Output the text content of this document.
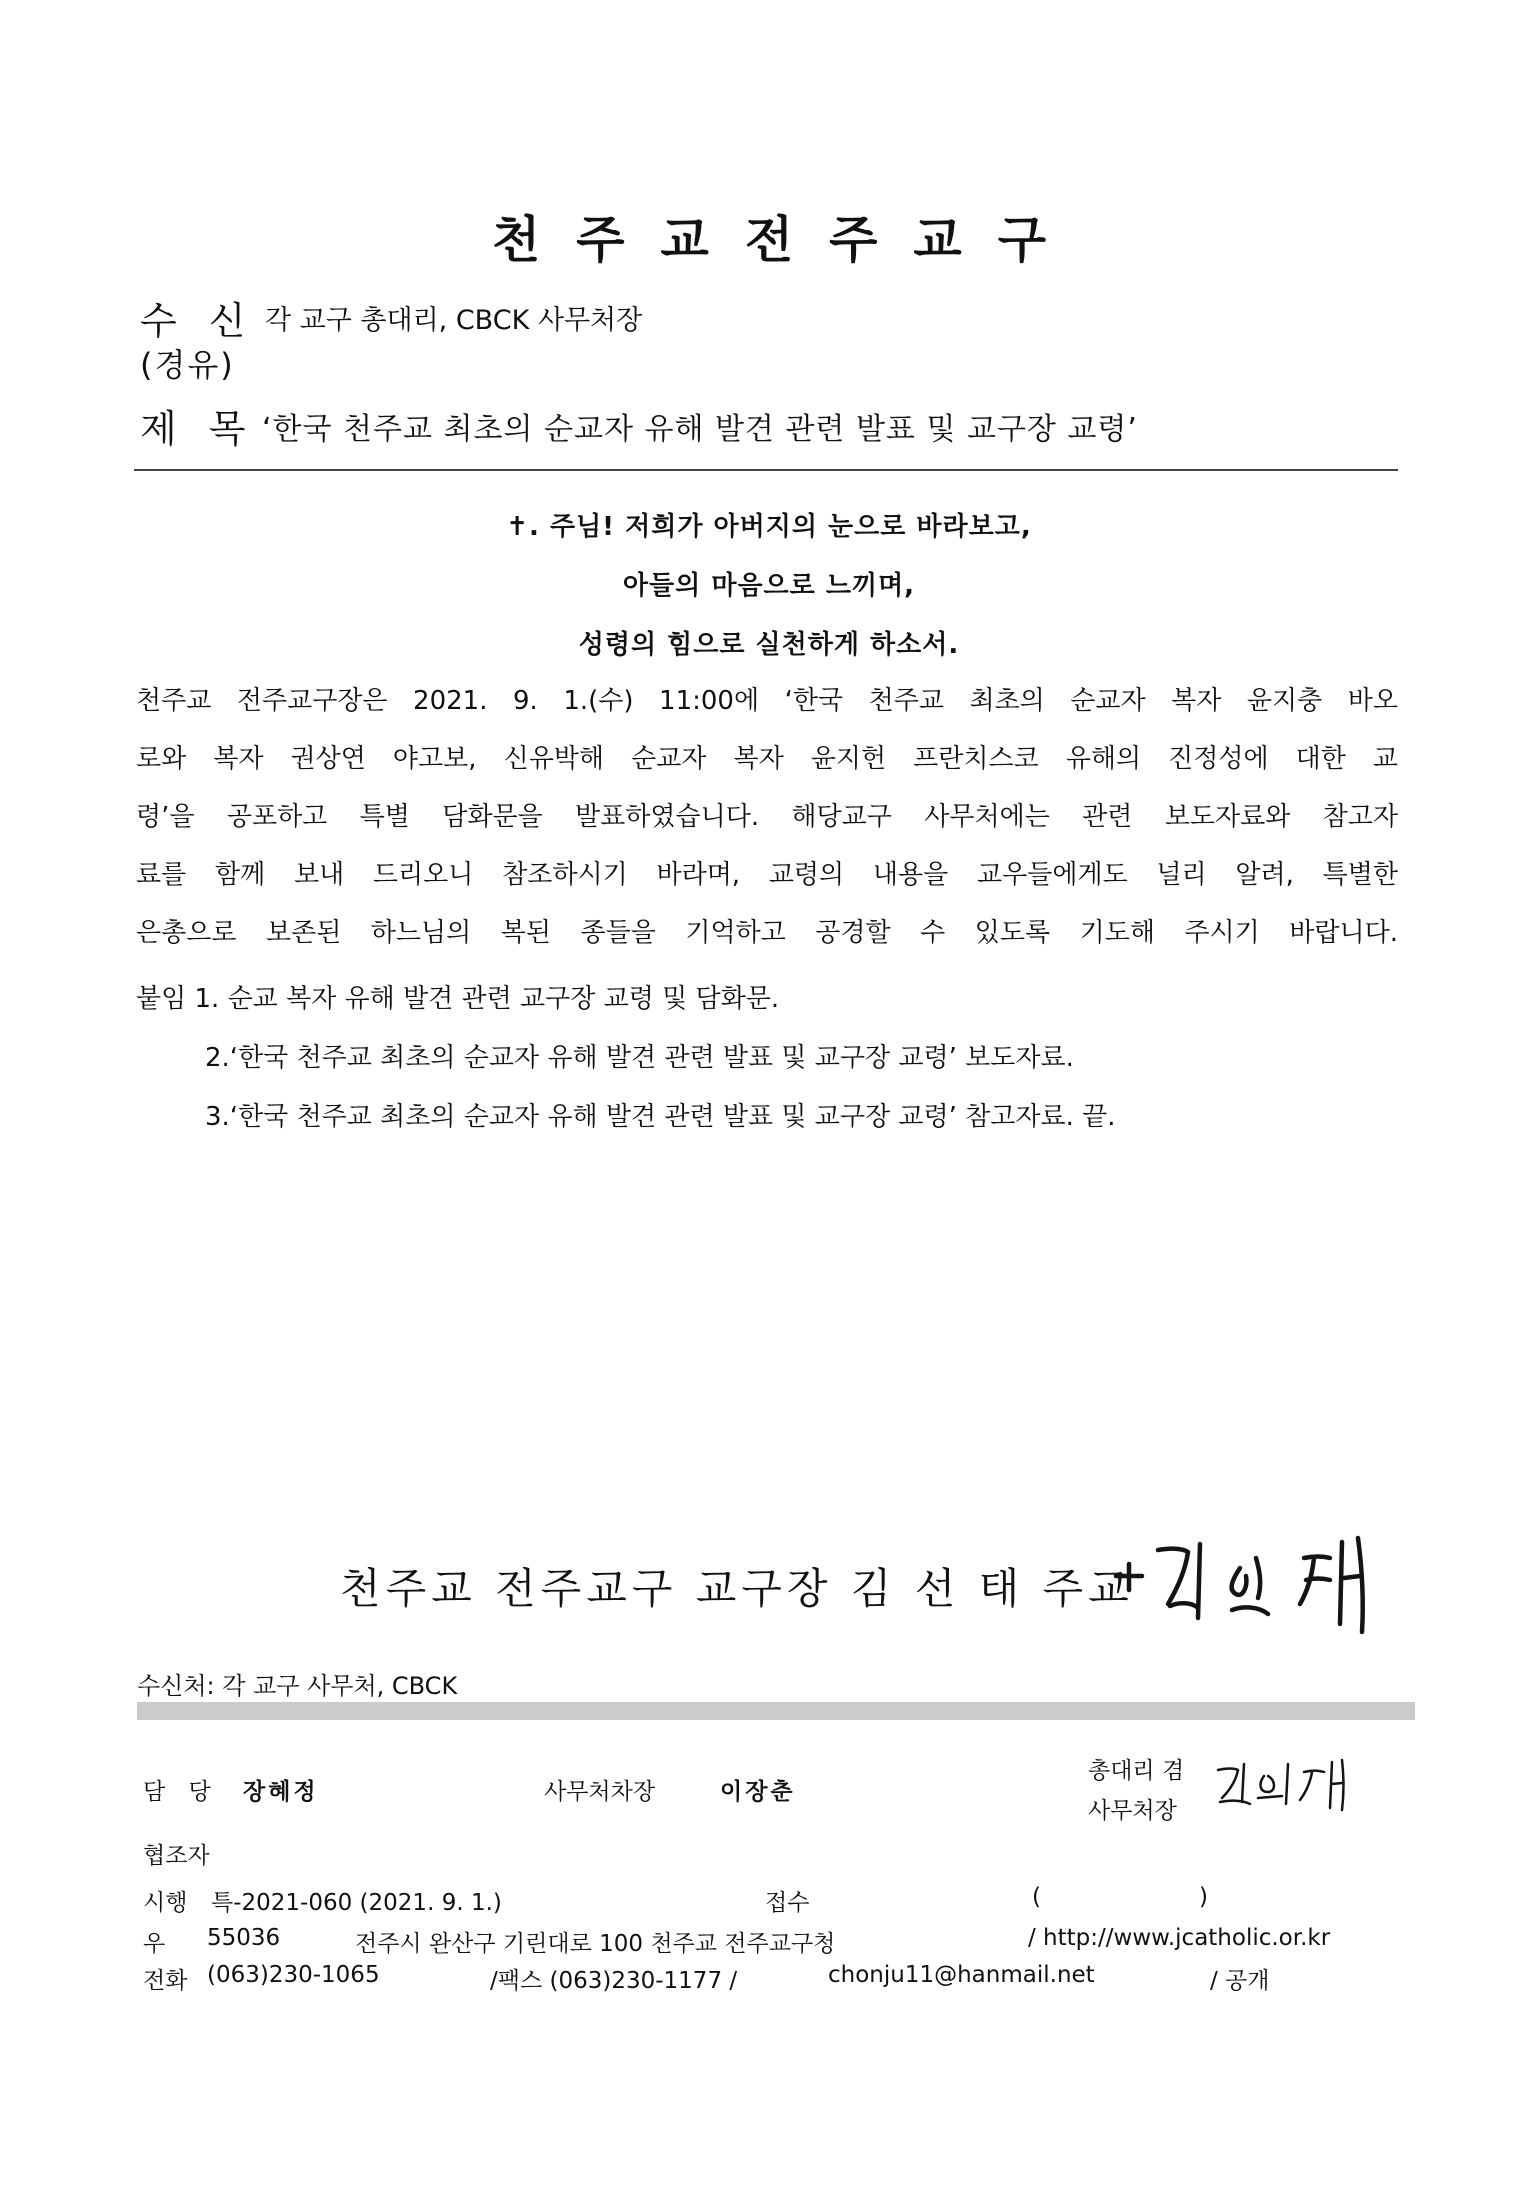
천주교전주교구
수 신 각 교구 총대리, CBCK 사무처장
(경유)
제 목 ‘한국 천주교 최초의 순교자 유해 발견 관련 발표 및 교구장 교령’
✝. 주님! 저희가 아버지의 눈으로 바라보고,
아들의 마음으로 느끼며,
성령의 힘으로 실천하게 하소서.
천주교 전주교구장은 2021. 9. 1.(수) 11:00에 ‘한국 천주교 최초의 순교자 복자 윤지충 바오
로와 복자 권상연 야고보, 신유박해 순교자 복자 윤지헌 프란치스코 유해의 진정성에 대한 교
령’을 공포하고 특별 담화문을 발표하였습니다. 해당교구 사무처에는 관련 보도자료와 참고자
료를 함께 보내 드리오니 참조하시기 바라며, 교령의 내용을 교우들에게도 널리 알려, 특별한
은총으로 보존된 하느님의 복된 종들을 기억하고 공경할 수 있도록 기도해 주시기 바랍니다.
붙임 1. 순교 복자 유해 발견 관련 교구장 교령 및 담화문.
2.‘한국 천주교 최초의 순교자 유해 발견 관련 발표 및 교구장 교령’ 보도자료.
3.‘한국 천주교 최초의 순교자 유해 발견 관련 발표 및 교구장 교령’ 참고자료. 끝.
천주교 전주교구 교구장 김 선 태 주교
수신처: 각 교구 사무처, CBCK
담 당 장혜정	사무처차장	이장춘
총대리 겸
사무처장
협조자
시행 특-2021-060 (2021. 9. 1.)	접수	(	)
우 55036	전주시 완산구 기린대로 100 천주교 전주교구청	/ http://www.jcatholic.or.kr
전화 (063)230-1065	/팩스 (063)230-1177 /	chonju11@hanmail.net	/ 공개
